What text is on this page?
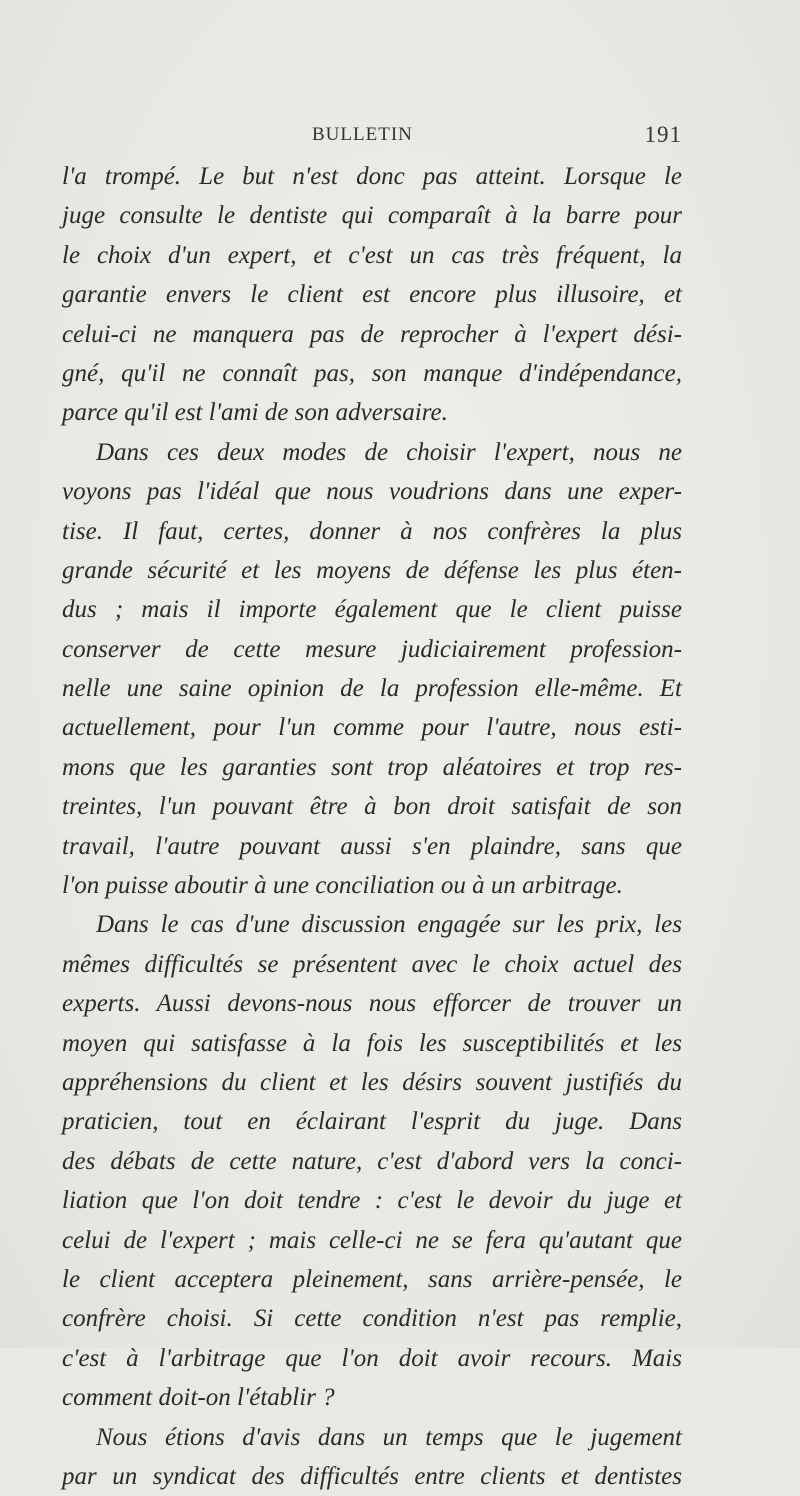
BULLETIN	191
l'a trompé. Le but n'est donc pas atteint. Lorsque le
juge consulte le dentiste qui comparaît à la barre pour
le choix d'un expert, et c'est un cas très fréquent, la
garantie envers le client est encore plus illusoire, et
celui-ci ne manquera pas de reprocher à l'expert dési-
gné, qu'il ne connaît pas, son manque d'indépendance,
parce qu'il est l'ami de son adversaire.
Dans ces deux modes de choisir l'expert, nous ne
voyons pas l'idéal que nous voudrions dans une exper-
tise. Il faut, certes, donner à nos confrères la plus
grande sécurité et les moyens de défense les plus éten-
dus ; mais il importe également que le client puisse
conserver de cette mesure judiciairement profession-
nelle une saine opinion de la profession elle-même. Et
actuellement, pour l'un comme pour l'autre, nous esti-
mons que les garanties sont trop aléatoires et trop res-
treintes, l'un pouvant être à bon droit satisfait de son
travail, l'autre pouvant aussi s'en plaindre, sans que
l'on puisse aboutir à une conciliation ou à un arbitrage.
Dans le cas d'une discussion engagée sur les prix, les
mêmes difficultés se présentent avec le choix actuel des
experts. Aussi devons-nous nous efforcer de trouver un
moyen qui satisfasse à la fois les susceptibilités et les
appréhensions du client et les désirs souvent justifiés du
praticien, tout en éclairant l'esprit du juge. Dans
des débats de cette nature, c'est d'abord vers la conci-
liation que l'on doit tendre : c'est le devoir du juge et
celui de l'expert ; mais celle-ci ne se fera qu'autant que
le client acceptera pleinement, sans arrière-pensée, le
confrère choisi. Si cette condition n'est pas remplie,
c'est à l'arbitrage que l'on doit avoir recours. Mais
comment doit-on l'établir ?
Nous étions d'avis dans un temps que le jugement
par un syndicat des difficultés entre clients et dentistes
